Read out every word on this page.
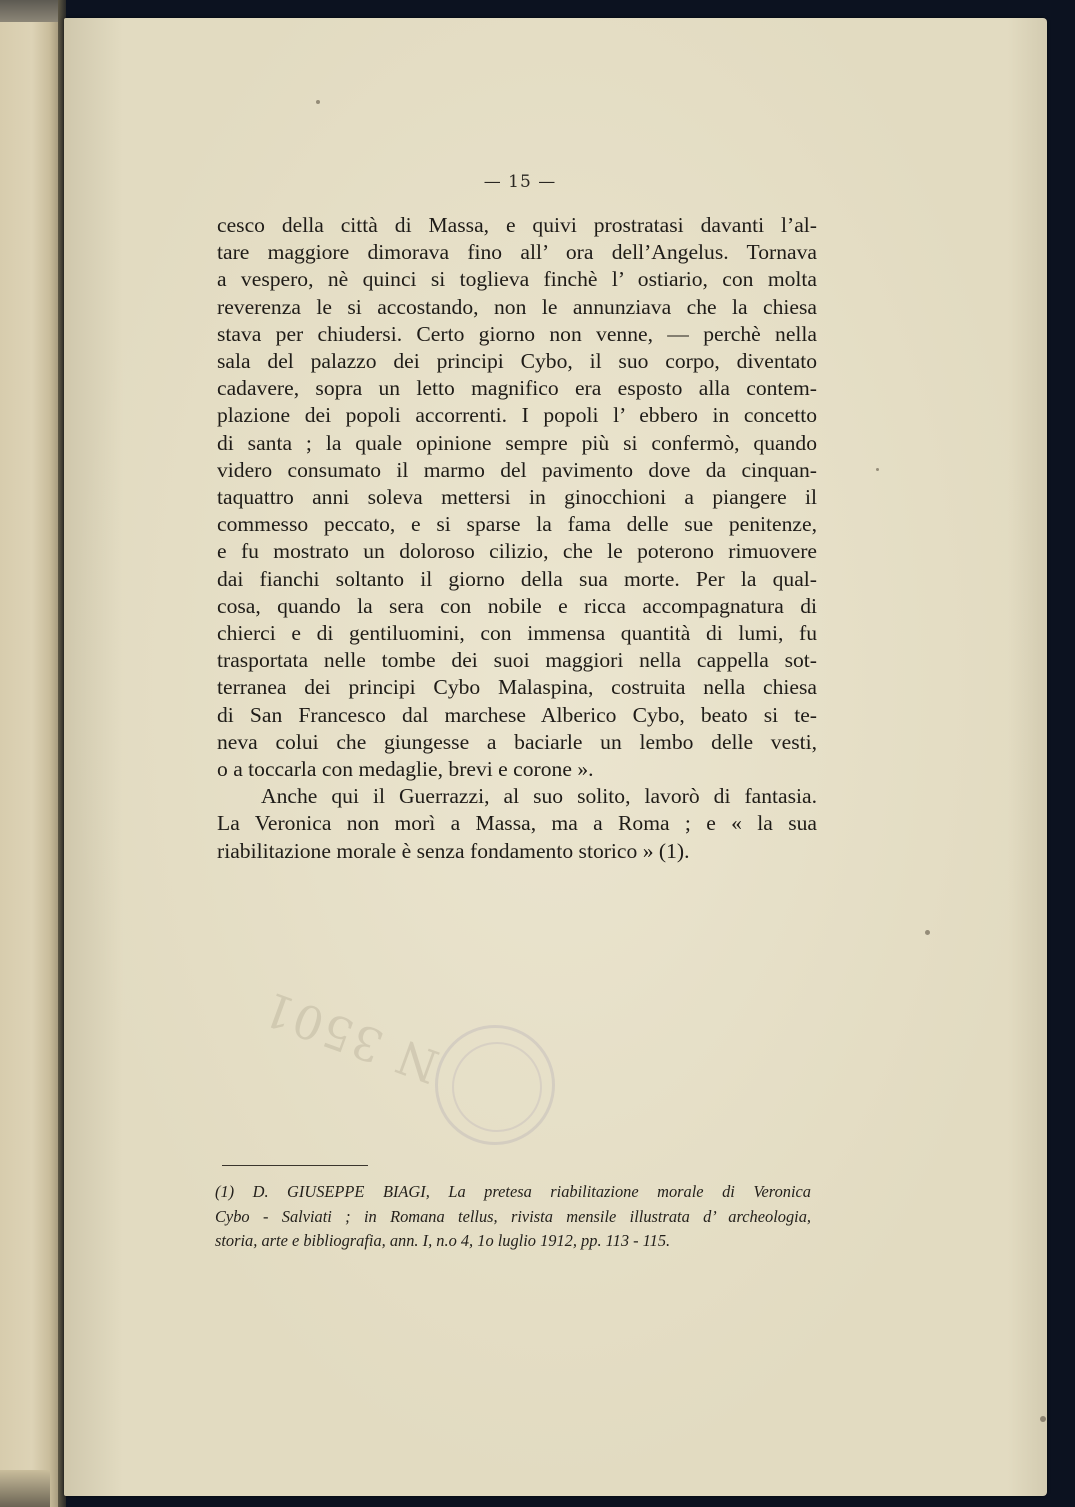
— 15 —
cesco della città di Massa, e quivi prostratasi davanti l’al-
tare maggiore dimorava fino all’ ora dell’Angelus. Tornava
a vespero, nè quinci si toglieva finchè l’ ostiario, con molta
reverenza le si accostando, non le annunziava che la chiesa
stava per chiudersi. Certo giorno non venne, — perchè nella
sala del palazzo dei principi Cybo, il suo corpo, diventato
cadavere, sopra un letto magnifico era esposto alla contem-
plazione dei popoli accorrenti. I popoli l’ ebbero in concetto
di santa ; la quale opinione sempre più si confermò, quando
videro consumato il marmo del pavimento dove da cinquan-
taquattro anni soleva mettersi in ginocchioni a piangere il
commesso peccato, e si sparse la fama delle sue penitenze,
e fu mostrato un doloroso cilizio, che le poterono rimuovere
dai fianchi soltanto il giorno della sua morte. Per la qual-
cosa, quando la sera con nobile e ricca accompagnatura di
chierci e di gentiluomini, con immensa quantità di lumi, fu
trasportata nelle tombe dei suoi maggiori nella cappella sot-
terranea dei principi Cybo Malaspina, costruita nella chiesa
di San Francesco dal marchese Alberico Cybo, beato si te-
neva colui che giungesse a baciarle un lembo delle vesti,
o a toccarla con medaglie, brevi e corone ».
Anche qui il Guerrazzi, al suo solito, lavorò di fantasia.
La Veronica non morì a Massa, ma a Roma ; e « la sua
riabilitazione morale è senza fondamento storico » (1).
N 3501
(1) D. GIUSEPPE BIAGI, La pretesa riabilitazione morale di Veronica
Cybo - Salviati ; in Romana tellus, rivista mensile illustrata d’ archeologia,
storia, arte e bibliografia, ann. I, n.o 4, 1o luglio 1912, pp. 113 - 115.
